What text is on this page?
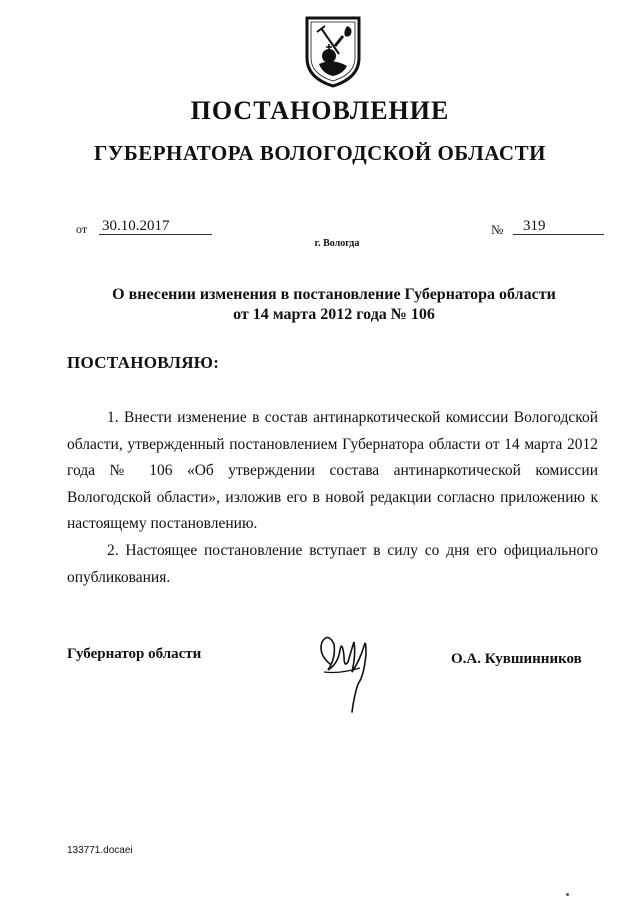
ПОСТАНОВЛЕНИЕ
ГУБЕРНАТОРА ВОЛОГОДСКОЙ ОБЛАСТИ
от 30.10.2017	№	319
г. Вологда
О внесении изменения в постановление Губернатора области
от 14 марта 2012 года № 106
ПОСТАНОВЛЯЮ:
1. Внести изменение в состав антинаркотической комиссии Вологодской области, утвержденный постановлением Губернатора области от 14 марта 2012 года № 106 «Об утверждении состава антинаркотической комиссии Вологодской области», изложив его в новой редакции согласно приложению к настоящему постановлению.
2. Настоящее постановление вступает в силу со дня его официального опубликования.
Губернатор области	О.А. Кувшинников
133771.docaei
